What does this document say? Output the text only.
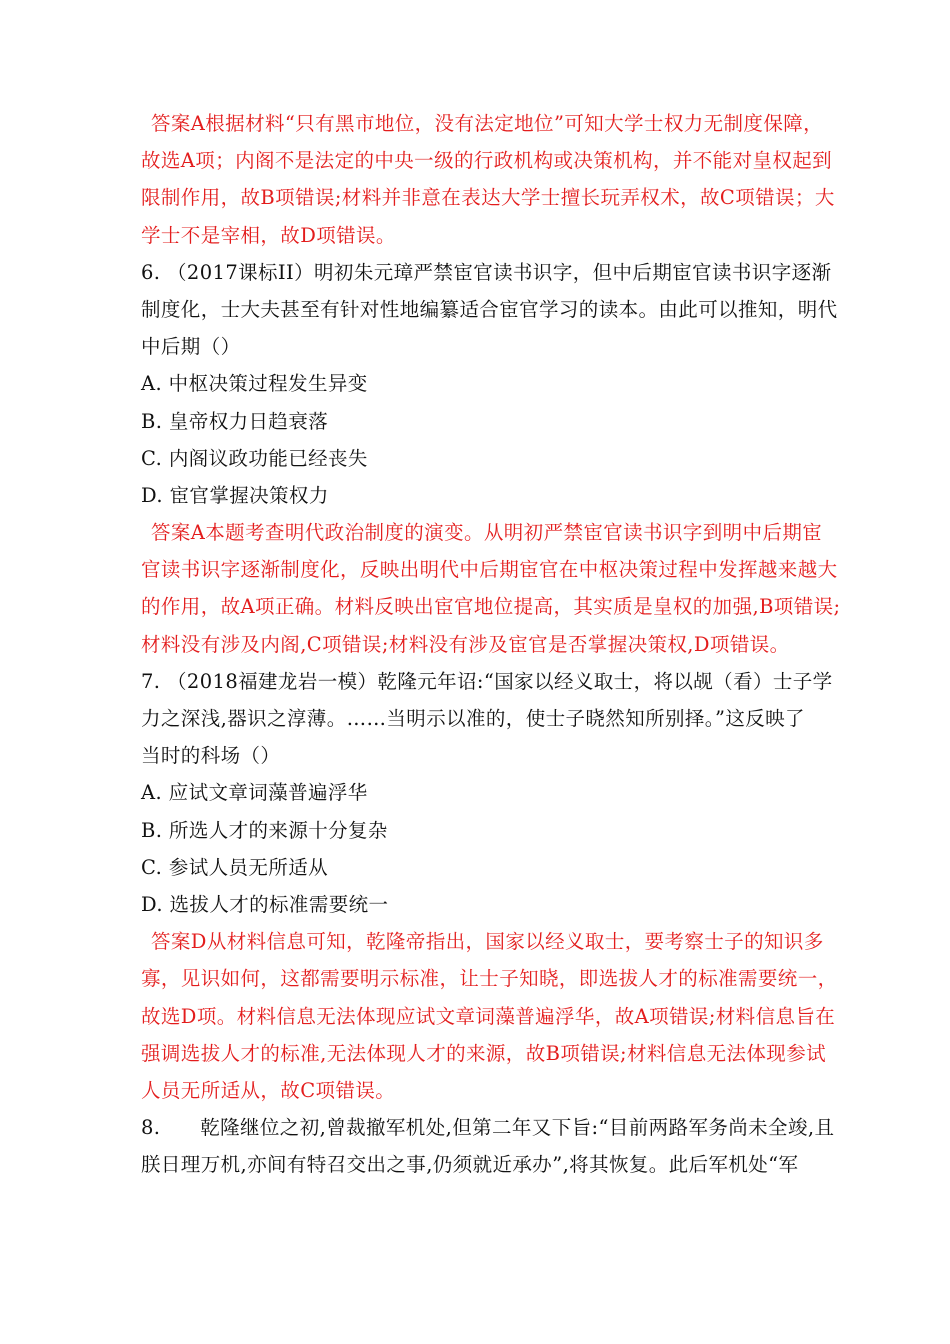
答案A根据材料“只有黑市地位，没有法定地位”可知大学士权力无制度保障，
故选A项；内阁不是法定的中央一级的行政机构或决策机构，并不能对皇权起到
限制作用，故B项错误;材料并非意在表达大学士擅长玩弄权术，故C项错误；大
学士不是宰相，故D项错误。
6. （2017课标II）明初朱元璋严禁宦官读书识字，但中后期宦官读书识字逐渐
制度化，士大夫甚至有针对性地编纂适合宦官学习的读本。由此可以推知，明代
中后期（）
A. 中枢决策过程发生异变
B. 皇帝权力日趋衰落
C. 内阁议政功能已经丧失
D. 宦官掌握决策权力
答案A本题考查明代政治制度的演变。从明初严禁宦官读书识字到明中后期宦
官读书识字逐渐制度化，反映出明代中后期宦官在中枢决策过程中发挥越来越大
的作用，故A项正确。材料反映出宦官地位提高，其实质是皇权的加强,B项错误;
材料没有涉及内阁,C项错误;材料没有涉及宦官是否掌握决策权,D项错误。
7. （2018福建龙岩一模）乾隆元年诏:“国家以经义取士，将以觇（看）士子学
力之深浅,器识之淳薄。……当明示以准的，使士子晓然知所别择。”这反映了
当时的科场（）
A. 应试文章词藻普遍浮华
B. 所选人才的来源十分复杂
C. 参试人员无所适从
D. 选拔人才的标准需要统一
答案D从材料信息可知，乾隆帝指出，国家以经义取士，要考察士子的知识多
寡，见识如何，这都需要明示标准，让士子知晓，即选拔人才的标准需要统一，
故选D项。材料信息无法体现应试文章词藻普遍浮华，故A项错误;材料信息旨在
强调选拔人才的标准,无法体现人才的来源，故B项错误;材料信息无法体现参试
人员无所适从，故C项错误。
8.　　乾隆继位之初,曾裁撤军机处,但第二年又下旨:“目前两路军务尚未全竣,且
朕日理万机,亦间有特召交出之事,仍须就近承办”,将其恢复。此后军机处“军
